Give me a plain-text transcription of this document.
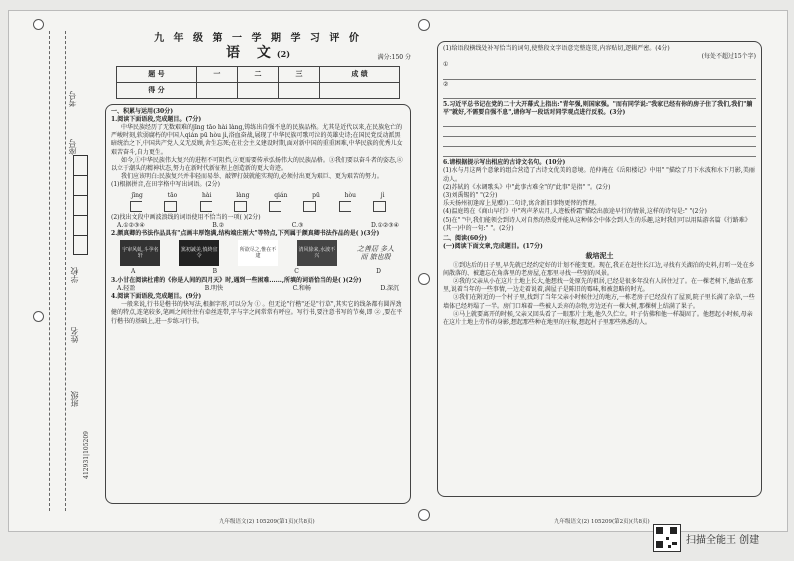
考号
座号
学校
姓名
班级
412931|105209
九 年 级 第 一 学 期 学 习 评 价
语 文(2)	满分:150 分
题 号	一	二	三	成 绩
得 分				

一、积累与运用(30分)

1.阅读下面语段,完成题目。(7分)

中华民族经历了无数艰难的jīng tāo hài làng,铸练出自强不息的民族品格。尤其是近代以来,在民族危亡的严峻时刻,软弱腐朽的中国人qián pū hòu jì,浴血奋战,展现了中华民族可歌可泣的英雄史诗;在国民党反动派黑暗统治之下,中国共产党人义无反顾,舍生忘死;在社会主义建设时期,面对新中国的重重困难,中华民族的优秀儿女艰苦奋斗,自力更生。

如今,①中华民族伟大复兴的进程不可阻挡,②更需要传承弘扬伟大的民族品格。③我们要以奋斗者的姿态,④以立于潮头的精神状态,努力在新时代新征程上创造新的更大奇迹。

我们应该明白:民族复兴并非轻而易举、敲锣打鼓就能实现的,必须付出更为艰巨、更为艰苦的努力。

(1)根据拼音,在田字格中写出词语。(2分)

jīng	tāo	hài	làng	qián	pū	hòu	jì

(2)找出文段中画波浪线的词语使用不恰当的一项( )(2分)

A.①②③④	B.②	C.③	D.①②③④

2.颜真卿的书法作品具有"点画丰厚饱满,结构端庄刚大"等特点,下列属于颜真卿书法作品的是( )(3分)

宇审风虬,斗孕名轩
篤初誠美,慎終宜令
所欲尽之,惟在不逮
清风徐来,水波不兴
之善居 多人而 旅也殷
A	B	C	D

3.小甘在阅读杜甫的《你是人间的四月天》时,遇到一些困难......,所填的词语恰当的是( )(2分)

A.轻盈	B.明快	C.和畅	D.深沉

4.阅读下面语段,完成题目。(9分)

一般来说,行书是楷书的快写法,根据字形,可以分为 ① 。但无论"行楷"还是"行草",其实它的线条都有圆浑劲健的特点,连笔较多,笔画之间往往有牵丝连带,字与字之间常常有呼应。写行书,要注意书写的节奏,即 ② ,要在平行楷书的基础上,进一步练习行书。

九年级语文(2) 105209(第1页)(共8页)

(1)给语段横线处补写恰当的词句,使整段文字语意完整连贯,内容贴切,逻辑严密。(4分)

(每处不超过15个字)

①

②

5.习近平总书记在党的二十大开幕式上指出:"青年强,则国家强。"而有同学说:"我家已经有你的房子住了我们,我们"躺平"就好,不需要自强不息",请你写一段话对同学观点进行反驳。(3分)

6.请根据提示写出相应的古诗文名句。(10分)

(1)水与月这两个意象的组合营造了古诗文优美的意境。范仲淹在《岳阳楼记》中用" "描绘了月下水波和水下月影,美丽动人。

(2)苏轼的《水调歌头》中"此事古难全"的"此事"是指" "。(2分)

(3)刘禹锡的" "(2分)

乐天扬州初逢席上见赠》)二句诗,寓含新旧事物更替的哲理。

(4)温庭筠在《商山早行》中"鸡声茅店月,人迹板桥霜"描绘出旅途早行的情景,这样的诗句是:" "(2分)

(5)在" "中,我们能领会到诗人对自然的热爱并能从这种体会中体会到人生的乐趣,这时我们可以用陆游名篇《行路难》(其一)中的一句:" "。(2分)

二、阅读(60分)

(一)阅读下面文章,完成题目。(17分)

裁培泥土

①到达后的日子里,早先就已经约定好的计划不能变更。现在,我正在赶往长江边,寻找有关湖泊的史料,打听一处在乡间散落的、被遗忘在角落里的老房屋,在那里寻找一些别的风景。

②我的父亲从小在这片土地上长大,他想找一处原先的祖居,已经是很多年没有人居住过了。在一棵老树下,他站在那里,说着当年的一些事情,一边走着说着,满屋子是陈旧的霉味,和被忽略的时光。

③我们在附近的一个村子里,找到了当年父亲小时候住过的地方,一栋老房子已经没有了屋顶,院子里长满了杂草,一些墙体已经坍塌了一半。房门口堆着一些被人丢弃的杂物,旁边还有一棵大树,那棵树上结满了果子。

④马上就要离开的时候,父亲又回头看了一眼那片土地,他久久伫立。叶子仿佛和他一样凝固了。他想起小时候,母亲在这片土地上劳作的身影,想起那些种在地里的庄稼,想起村子里那些熟悉的人。

九年级语文(2) 105209(第2页)(共8页)
扫描全能王 创建
